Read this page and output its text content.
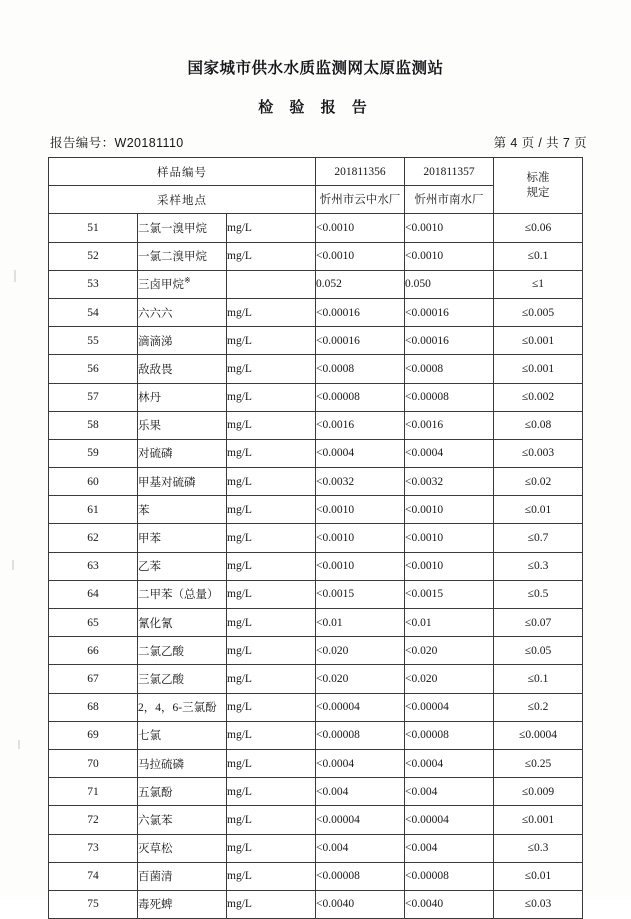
国家城市供水水质监测网太原监测站
检 验 报 告
报告编号：W20181110	第 4 页 / 共 7 页
样品编号			201811356	201811357	标准
规定

采样地点			忻州市云中水厂	忻州市南水厂	
51	二氯一溴甲烷	mg/L	<0.0010	<0.0010	≤0.06
52	一氯二溴甲烷	mg/L	<0.0010	<0.0010	≤0.1
53	三卤甲烷※		0.052	0.050	≤1
54	六六六	mg/L	<0.00016	<0.00016	≤0.005
55	滴滴涕	mg/L	<0.00016	<0.00016	≤0.001
56	敌敌畏	mg/L	<0.0008	<0.0008	≤0.001
57	林丹	mg/L	<0.00008	<0.00008	≤0.002
58	乐果	mg/L	<0.0016	<0.0016	≤0.08
59	对硫磷	mg/L	<0.0004	<0.0004	≤0.003
60	甲基对硫磷	mg/L	<0.0032	<0.0032	≤0.02
61	苯	mg/L	<0.0010	<0.0010	≤0.01
62	甲苯	mg/L	<0.0010	<0.0010	≤0.7
63	乙苯	mg/L	<0.0010	<0.0010	≤0.3
64	二甲苯（总量）	mg/L	<0.0015	<0.0015	≤0.5
65	氰化氰	mg/L	<0.01	<0.01	≤0.07
66	二氯乙酸	mg/L	<0.020	<0.020	≤0.05
67	三氯乙酸	mg/L	<0.020	<0.020	≤0.1
68	2，4，6-三氯酚	mg/L	<0.00004	<0.00004	≤0.2
69	七氯	mg/L	<0.00008	<0.00008	≤0.0004
70	马拉硫磷	mg/L	<0.0004	<0.0004	≤0.25
71	五氯酚	mg/L	<0.004	<0.004	≤0.009
72	六氯苯	mg/L	<0.00004	<0.00004	≤0.001
73	灭草松	mg/L	<0.004	<0.004	≤0.3
74	百菌清	mg/L	<0.00008	<0.00008	≤0.01
75	毒死蜱	mg/L	<0.0040	<0.0040	≤0.03
